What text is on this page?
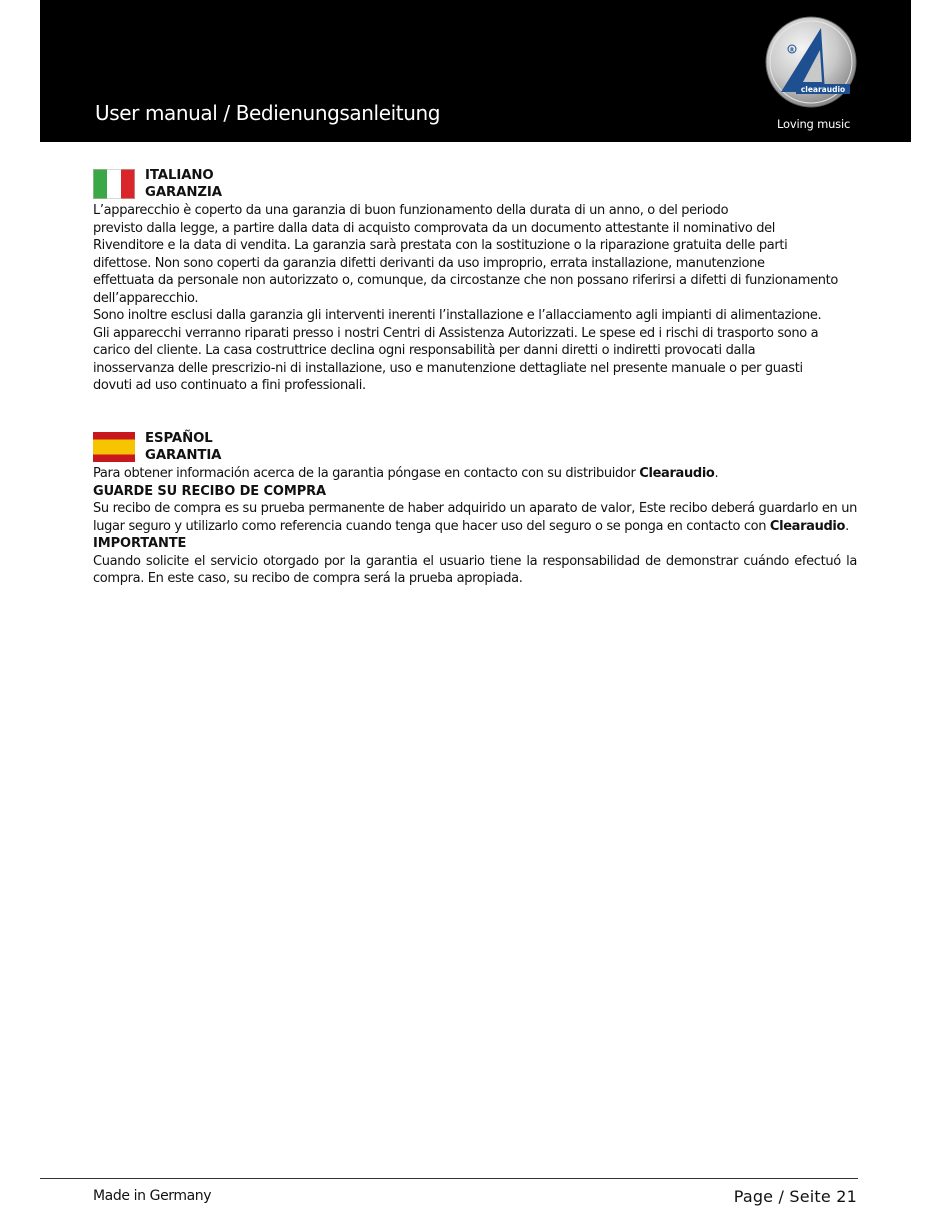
User manual / Bedienungsanleitung
clearaudio
R
Loving music
ITALIANO
GARANZIA

L’apparecchio è coperto da una garanzia di buon funzionamento della durata di un anno, o del periodo
previsto dalla legge, a partire dalla data di acquisto comprovata da un documento attestante il nominativo del
Rivenditore e la data di vendita. La garanzia sarà prestata con la sostituzione o la riparazione gratuita delle parti
difettose. Non sono coperti da garanzia difetti derivanti da uso improprio, errata installazione, manutenzione
effettuata da personale non autorizzato o, comunque, da circostanze che non possano riferirsi a difetti di funzionamento
dell’apparecchio.
Sono inoltre esclusi dalla garanzia gli interventi inerenti l’installazione e l’allacciamento agli impianti di alimentazione.
Gli apparecchi verranno riparati presso i nostri Centri di Assistenza Autorizzati. Le spese ed i rischi di trasporto sono a
carico del cliente. La casa costruttrice declina ogni responsabilità per danni diretti o indiretti provocati dalla
inosservanza delle prescrizio-ni di installazione, uso e manutenzione dettagliate nel presente manuale o per guasti
dovuti ad uso continuato a fini professionali.

ESPAÑOL
GARANTIA

Para obtener información acerca de la garantia póngase en contacto con su distribuidor Clearaudio.

GUARDE SU RECIBO DE COMPRA

Su recibo de compra es su prueba permanente de haber adquirido un aparato de valor, Este recibo deberá guardarlo en un lugar seguro y utilizarlo como referencia cuando tenga que hacer uso del seguro o se ponga en contacto con Clearaudio.

IMPORTANTE

Cuando solicite el servicio otorgado por la garantia el usuario tiene la responsabilidad de demonstrar cuándo efectuó la compra. En este caso, su recibo de compra será la prueba apropiada.

Made in Germany	Page / Seite 21
